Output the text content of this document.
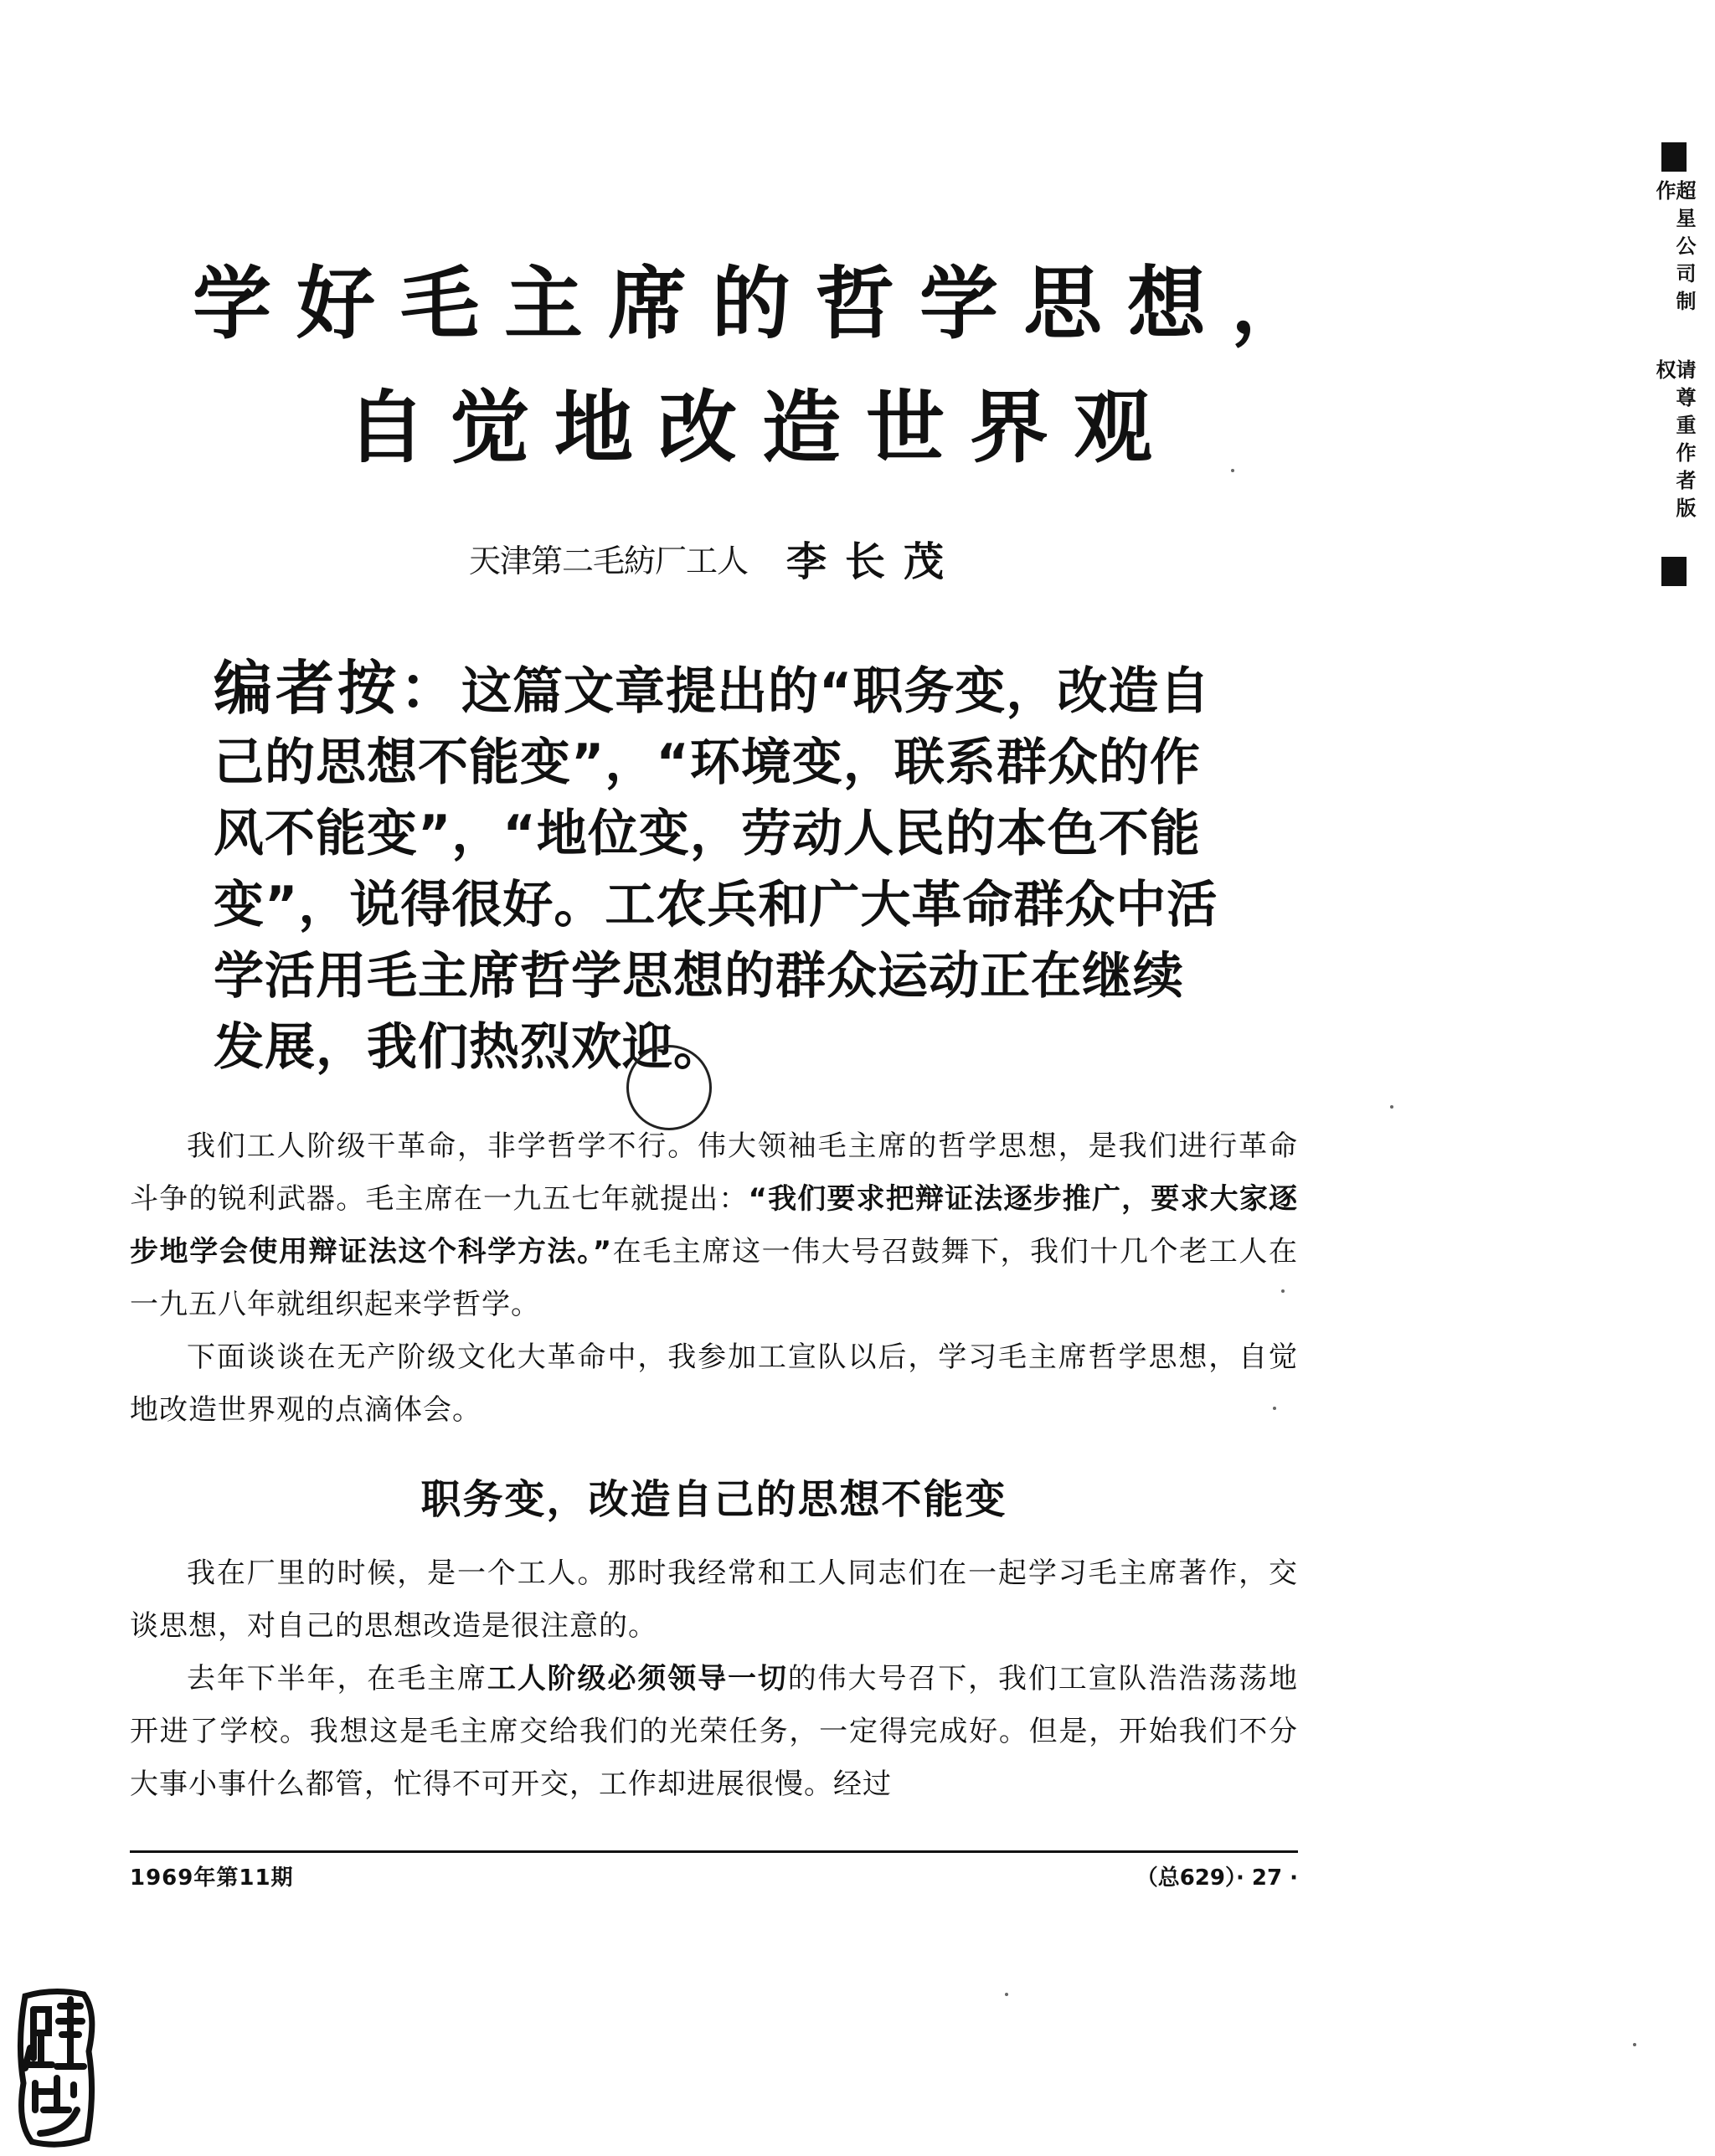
学好毛主席的哲学思想，
自觉地改造世界观
天津第二毛紡厂工人 李长茂
编者按：这篇文章提出的“职务变，改造自己的思想不能变”，“环境变，联系群众的作风不能变”，“地位变，劳动人民的本色不能变”，说得很好。工农兵和广大革命群众中活学活用毛主席哲学思想的群众运动正在继续发展，我们热烈欢迎。

我们工人阶级干革命，非学哲学不行。伟大领袖毛主席的哲学思想，是我们进行革命斗争的锐利武器。毛主席在一九五七年就提出：“我们要求把辩证法逐步推广，要求大家逐步地学会使用辩证法这个科学方法。”在毛主席这一伟大号召鼓舞下，我们十几个老工人在一九五八年就组织起来学哲学。

下面谈谈在无产阶级文化大革命中，我参加工宣队以后，学习毛主席哲学思想，自觉地改造世界观的点滴体会。

职务变，改造自己的思想不能变

我在厂里的时候，是一个工人。那时我经常和工人同志们在一起学习毛主席著作，交谈思想，对自己的思想改造是很注意的。

去年下半年，在毛主席工人阶级必须领导一切的伟大号召下，我们工宣队浩浩荡荡地开进了学校。我想这是毛主席交给我们的光荣任务，一定得完成好。但是，开始我们不分大事小事什么都管，忙得不可开交，工作却进展很慢。经过

1969年第11期	（总629）· 27 ·
超星公司制作
请尊重作者版权
